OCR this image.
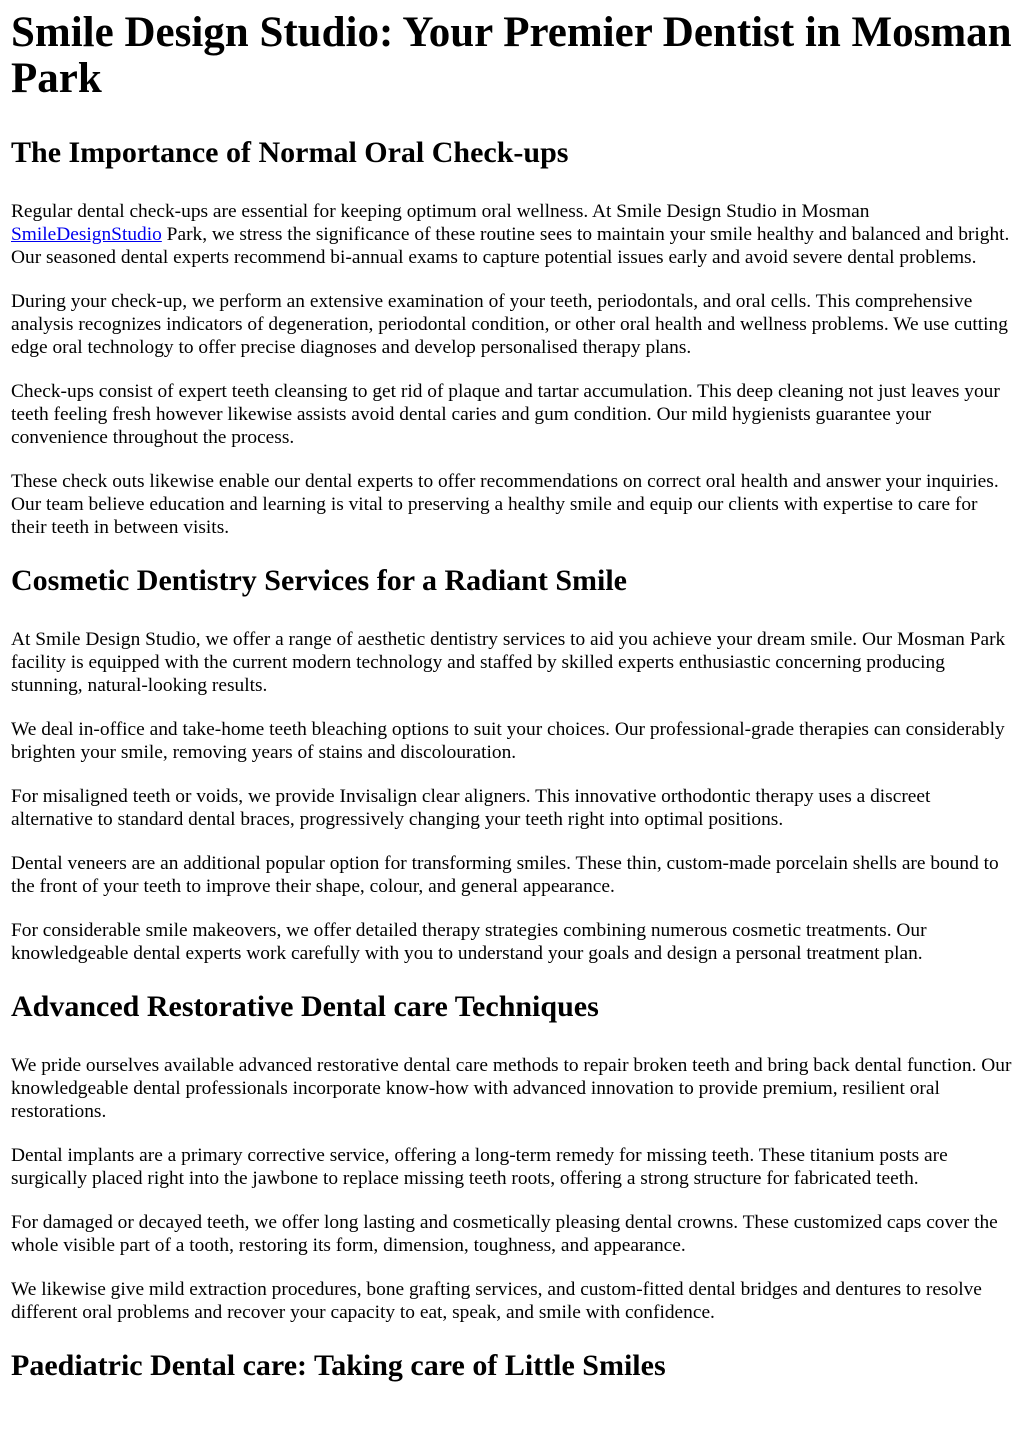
Smile Design Studio: Your Premier Dentist in Mosman Park
The Importance of Normal Oral Check-ups

Regular dental check-ups are essential for keeping optimum oral wellness. At Smile Design Studio in Mosman SmileDesignStudio Park, we stress the significance of these routine sees to maintain your smile healthy and balanced and bright. Our seasoned dental experts recommend bi-annual exams to capture potential issues early and avoid severe dental problems.

During your check-up, we perform an extensive examination of your teeth, periodontals, and oral cells. This comprehensive analysis recognizes indicators of degeneration, periodontal condition, or other oral health and wellness problems. We use cutting edge oral technology to offer precise diagnoses and develop personalised therapy plans.

Check-ups consist of expert teeth cleansing to get rid of plaque and tartar accumulation. This deep cleaning not just leaves your teeth feeling fresh however likewise assists avoid dental caries and gum condition. Our mild hygienists guarantee your convenience throughout the process.

These check outs likewise enable our dental experts to offer recommendations on correct oral health and answer your inquiries. Our team believe education and learning is vital to preserving a healthy smile and equip our clients with expertise to care for their teeth in between visits.

Cosmetic Dentistry Services for a Radiant Smile

At Smile Design Studio, we offer a range of aesthetic dentistry services to aid you achieve your dream smile. Our Mosman Park facility is equipped with the current modern technology and staffed by skilled experts enthusiastic concerning producing stunning, natural-looking results.

We deal in-office and take-home teeth bleaching options to suit your choices. Our professional-grade therapies can considerably brighten your smile, removing years of stains and discolouration.

For misaligned teeth or voids, we provide Invisalign clear aligners. This innovative orthodontic therapy uses a discreet alternative to standard dental braces, progressively changing your teeth right into optimal positions.

Dental veneers are an additional popular option for transforming smiles. These thin, custom-made porcelain shells are bound to the front of your teeth to improve their shape, colour, and general appearance.

For considerable smile makeovers, we offer detailed therapy strategies combining numerous cosmetic treatments. Our knowledgeable dental experts work carefully with you to understand your goals and design a personal treatment plan.

Advanced Restorative Dental care Techniques

We pride ourselves available advanced restorative dental care methods to repair broken teeth and bring back dental function. Our knowledgeable dental professionals incorporate know-how with advanced innovation to provide premium, resilient oral restorations.

Dental implants are a primary corrective service, offering a long-term remedy for missing teeth. These titanium posts are surgically placed right into the jawbone to replace missing teeth roots, offering a strong structure for fabricated teeth.

For damaged or decayed teeth, we offer long lasting and cosmetically pleasing dental crowns. These customized caps cover the whole visible part of a tooth, restoring its form, dimension, toughness, and appearance.

We likewise give mild extraction procedures, bone grafting services, and custom-fitted dental bridges and dentures to resolve different oral problems and recover your capacity to eat, speak, and smile with confidence.

Paediatric Dental care: Taking care of Little Smiles
